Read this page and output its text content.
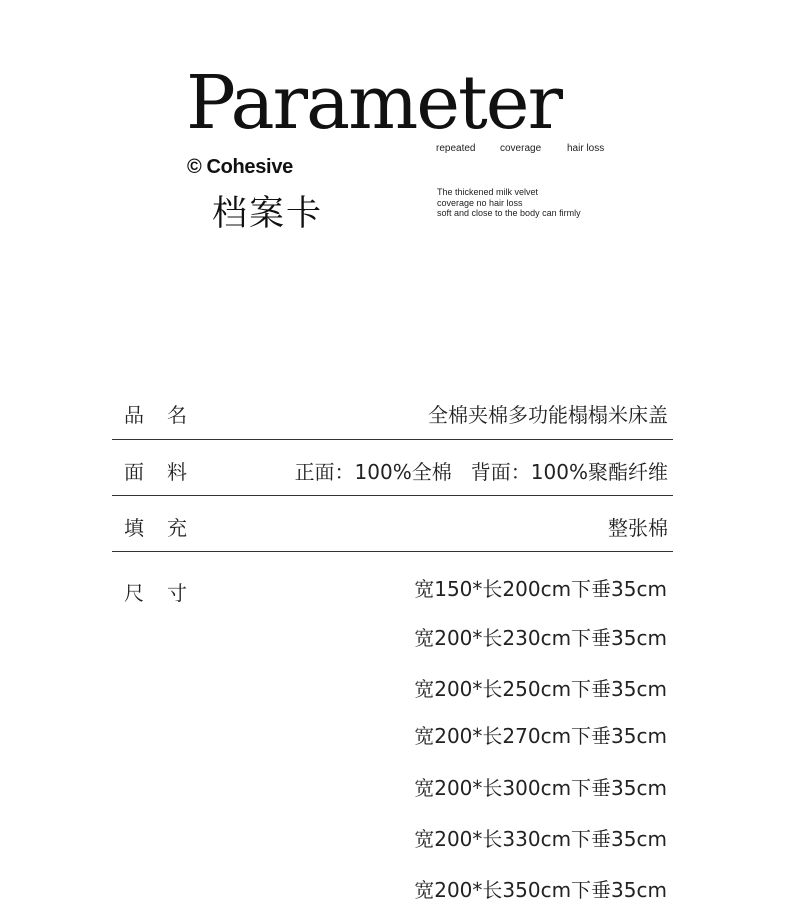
Parameter
repeated	coverage	hair loss
© Cohesive
档案卡
The thickened milk velvet
coverage no hair loss
soft and close to the body can firmly
品名	全棉夹棉多功能榻榻米床盖
面料	正面：100%全棉   背面：100%聚酯纤维
填充	整张棉
尺寸	宽150*长200cm下垂35cm
宽200*长230cm下垂35cm
宽200*长250cm下垂35cm
宽200*长270cm下垂35cm
宽200*长300cm下垂35cm
宽200*长330cm下垂35cm
宽200*长350cm下垂35cm
